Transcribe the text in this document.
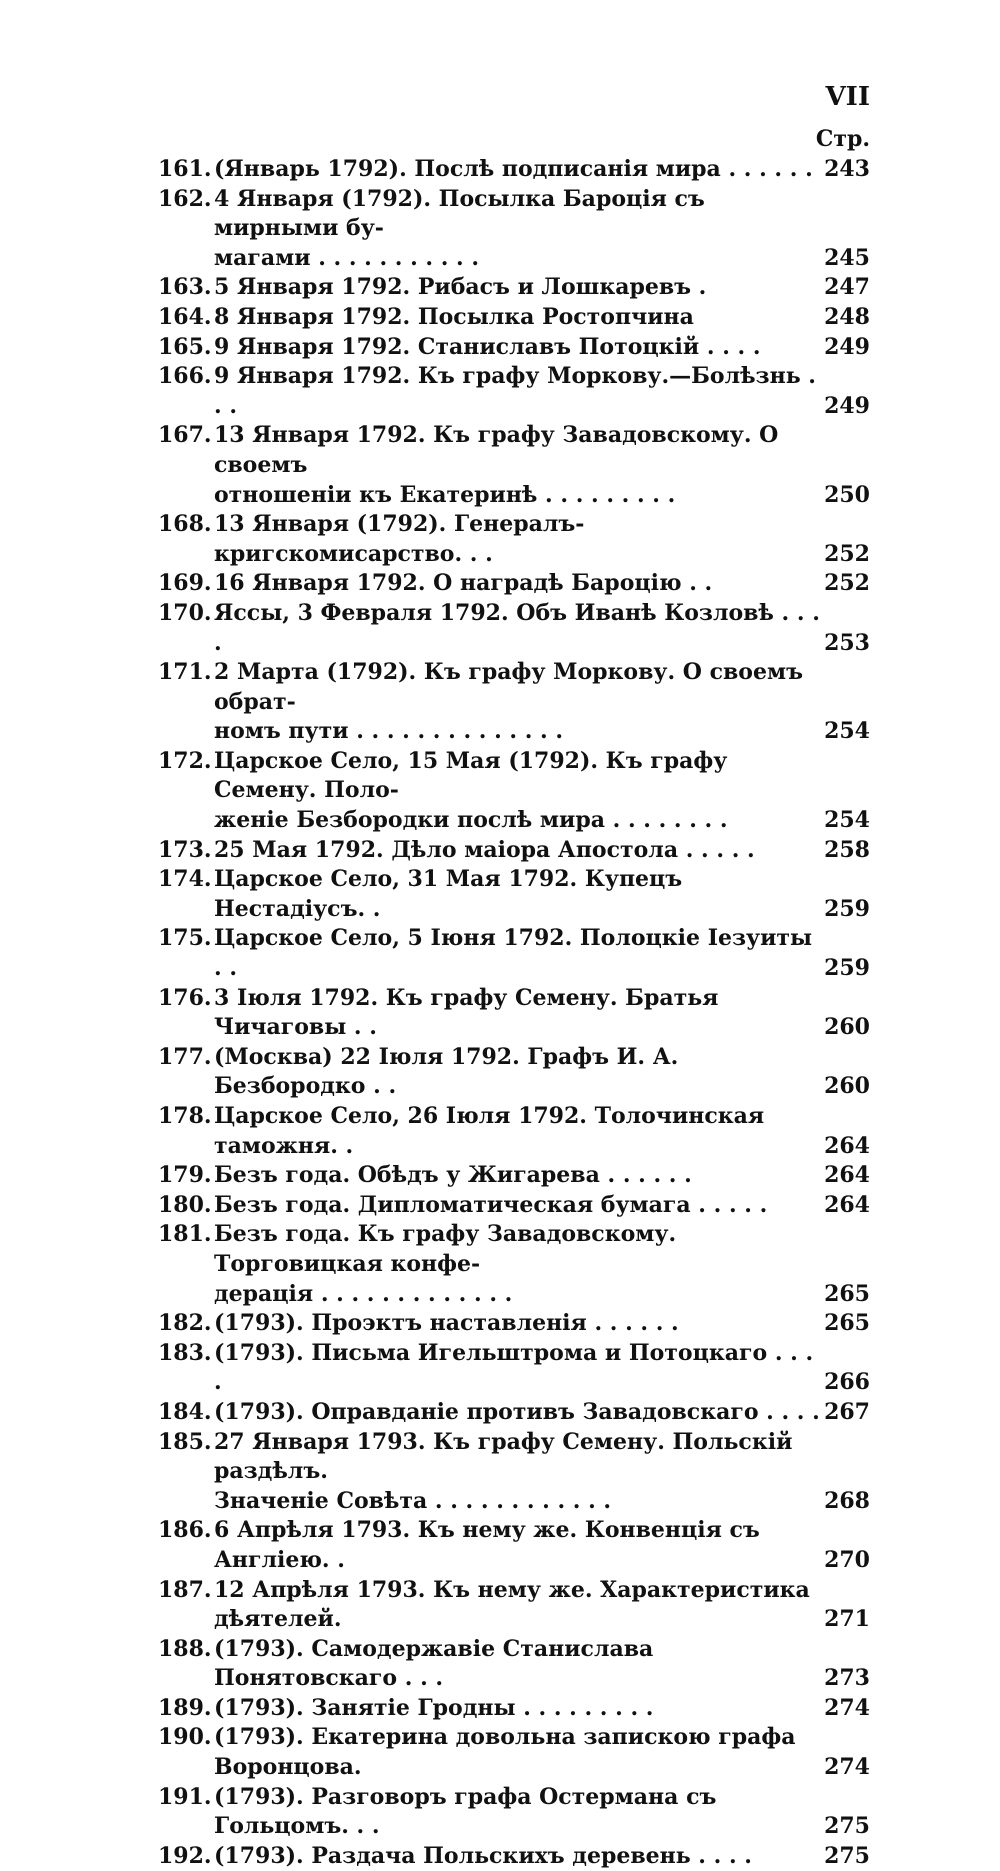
VII
Стр.
161. (Январь 1792). Послѣ подписанія мира . . . . . . 243
162. 4 Января (1792). Посылка Бароція съ мирными бу-
магами . . . . . . . . . . .	245
163. 5 Января 1792. Рибасъ и Лошкаревъ .	247
164. 8 Января 1792. Посылка Ростопчина	248
165. 9 Января 1792. Станиславъ Потоцкій . . . .	249
166. 9 Января 1792. Къ графу Моркову.—Болѣзнь . . .	249
167. 13 Января 1792. Къ графу Завадовскому. О своемъ
отношеніи къ Екатеринѣ . . . . . . . . .	250
168. 13 Января (1792). Генералъ-кригскомисарство. . .	252
169. 16 Января 1792. О наградѣ Бароцію . .	252
170. Яссы, 3 Февраля 1792. Объ Иванѣ Козловѣ . . . .	253
171. 2 Марта (1792). Къ графу Моркову. О своемъ обрат-
номъ пути . . . . . . . . . . . . . .	254
172. Царское Село, 15 Мая (1792). Къ графу Семену. Поло-
женіе Безбородки послѣ мира . . . . . . . .	254
173. 25 Мая 1792. Дѣло маіора Апостола . . . . .	258
174. Царское Село, 31 Мая 1792. Купецъ Нестадіусъ. .	259
175. Царское Село, 5 Іюня 1792. Полоцкіе Іезуиты . .	259
176. 3 Іюля 1792. Къ графу Семену. Братья Чичаговы . .	260
177. (Москва) 22 Іюля 1792. Графъ И. А. Безбородко . .	260
178. Царское Село, 26 Іюля 1792. Толочинская таможня. .	264
179. Безъ года. Обѣдъ у Жигарева . . . . . .	264
180. Безъ года. Дипломатическая бумага . . . . .	264
181. Безъ года. Къ графу Завадовскому. Торговицкая конфе-
дерація . . . . . . . . . . . . .	265
182. (1793). Проэктъ наставленія . . . . . .	265
183. (1793). Письма Игельштрома и Потоцкаго . . . .	266
184. (1793). Оправданіе противъ Завадовскаго . . . . 267
185. 27 Января 1793. Къ графу Семену. Польскій раздѣлъ.
Значеніе Совѣта . . . . . . . . . . . .	268
186. 6 Апрѣля 1793. Къ нему же. Конвенція съ Англіею. .	270
187. 12 Апрѣля 1793. Къ нему же. Характеристика дѣятелей.	271
188. (1793). Самодержавіе Станислава Понятовскаго . . .	273
189. (1793). Занятіе Гродны . . . . . . . . .	274
190. (1793). Екатерина довольна запискою графа Воронцова.	274
191. (1793). Разговоръ графа Остермана съ Гольцомъ. . .	275
192. (1793). Раздача Польскихъ деревень . . . .	275
